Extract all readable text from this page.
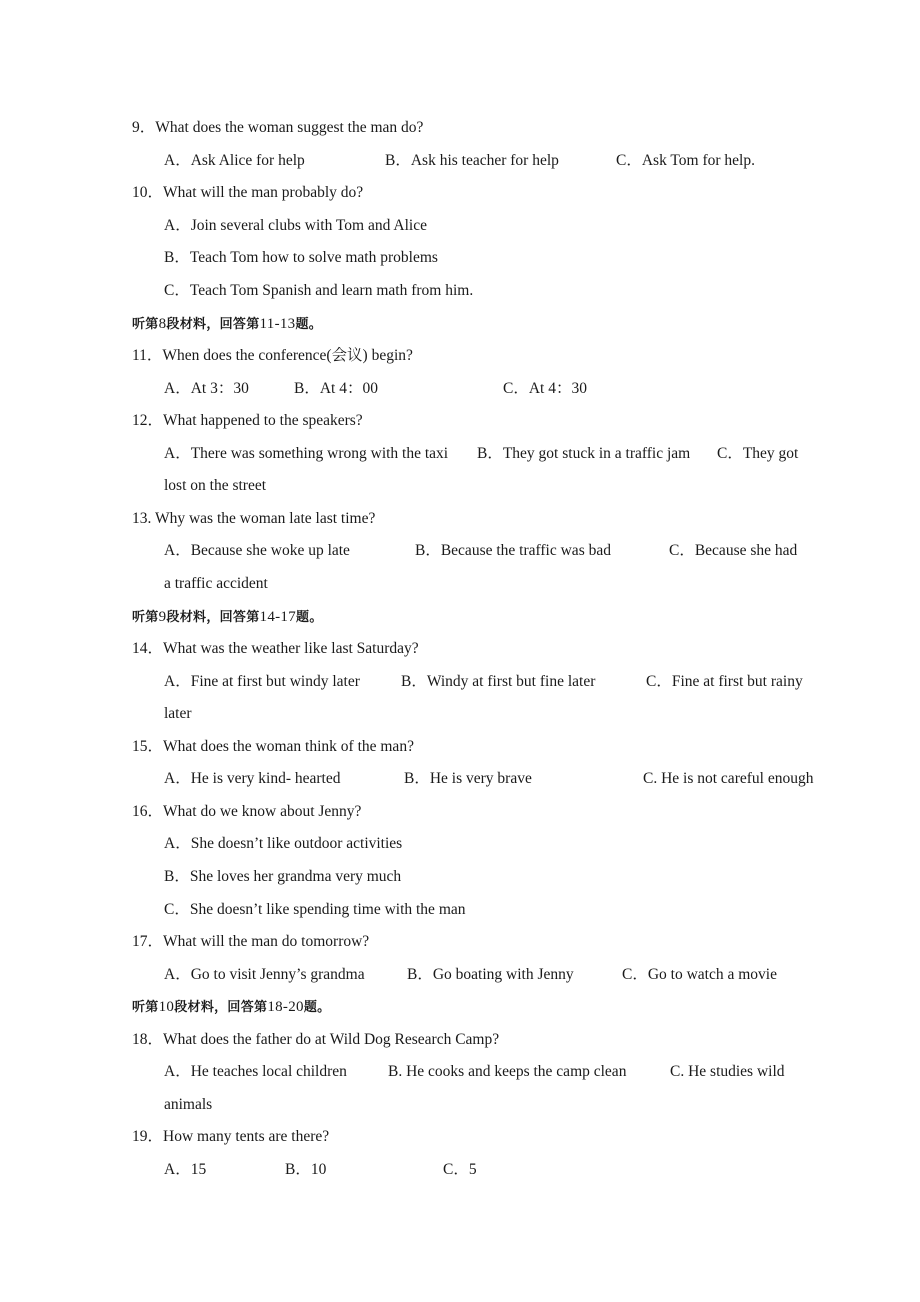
9．What does the woman suggest the man do?
A．Ask Alice for help	B．Ask his teacher for help	C．Ask Tom for help.
10．What will the man probably do?
A．Join several clubs with Tom and Alice
B．Teach Tom how to solve math problems
C．Teach Tom Spanish and learn math from him.
听第8段材料，回答第11-13题。
11．When does the conference(会议) begin?
A．At 3：30	B．At 4：00	C．At 4：30
12．What happened to the speakers?
A．There was something wrong with the taxi B．They got stuck in a traffic jam C．They got
lost on the street
13. Why was the woman late last time?
A．Because she woke up late	B．Because the traffic was bad	C．Because she had
a traffic accident
听第9段材料，回答第14-17题。
14．What was the weather like last Saturday?
A．Fine at first but windy later	B．Windy at first but fine later	C．Fine at first but rainy
later
15．What does the woman think of the man?
A．He is very kind- hearted	B．He is very brave	C. He is not careful enough
16．What do we know about Jenny?
A．She doesn’t like outdoor activities
B．She loves her grandma very much
C．She doesn’t like spending time with the man
17．What will the man do tomorrow?
A．Go to visit Jenny’s grandma	B．Go boating with Jenny	C．Go to watch a movie
听第10段材料，回答第18-20题。
18．What does the father do at Wild Dog Research Camp?
A．He teaches local children	B. He cooks and keeps the camp clean	C. He studies wild
animals
19．How many tents are there?
A．15	B．10	C．5
